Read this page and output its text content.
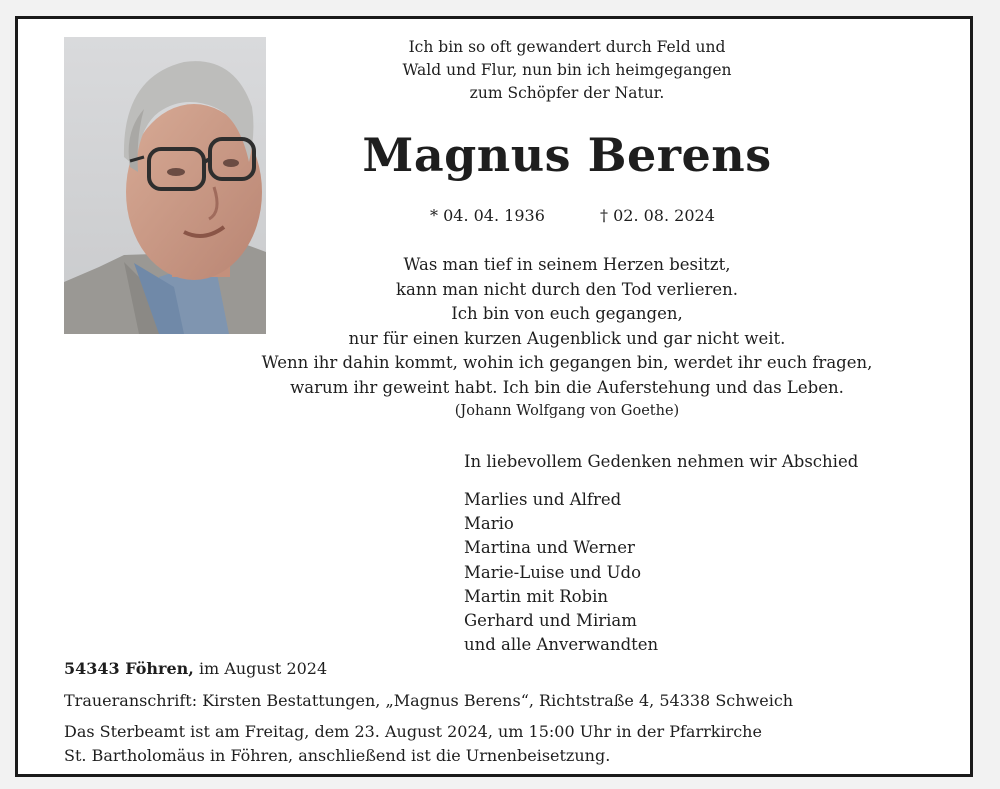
Ich bin so oft gewandert durch Feld und
Wald und Flur, nun bin ich heimgegangen
zum Schöpfer der Natur.
Magnus Berens
* 04. 04. 1936	† 02. 08. 2024
Was man tief in seinem Herzen besitzt,
kann man nicht durch den Tod verlieren.
Ich bin von euch gegangen,
nur für einen kurzen Augenblick und gar nicht weit.
Wenn ihr dahin kommt, wohin ich gegangen bin, werdet ihr euch fragen,
warum ihr geweint habt. Ich bin die Auferstehung und das Leben.
(Johann Wolfgang von Goethe)
In liebevollem Gedenken nehmen wir Abschied
Marlies und Alfred
Mario
Martina und Werner
Marie-Luise und Udo
Martin mit Robin
Gerhard und Miriam
und alle Anverwandten
54343 Föhren, im August 2024
Traueranschrift: Kirsten Bestattungen, „Magnus Berens“, Richtstraße 4, 54338 Schweich
Das Sterbeamt ist am Freitag, dem 23. August 2024, um 15:00 Uhr in der Pfarrkirche
St. Bartholomäus in Föhren, anschließend ist die Urnenbeisetzung.
